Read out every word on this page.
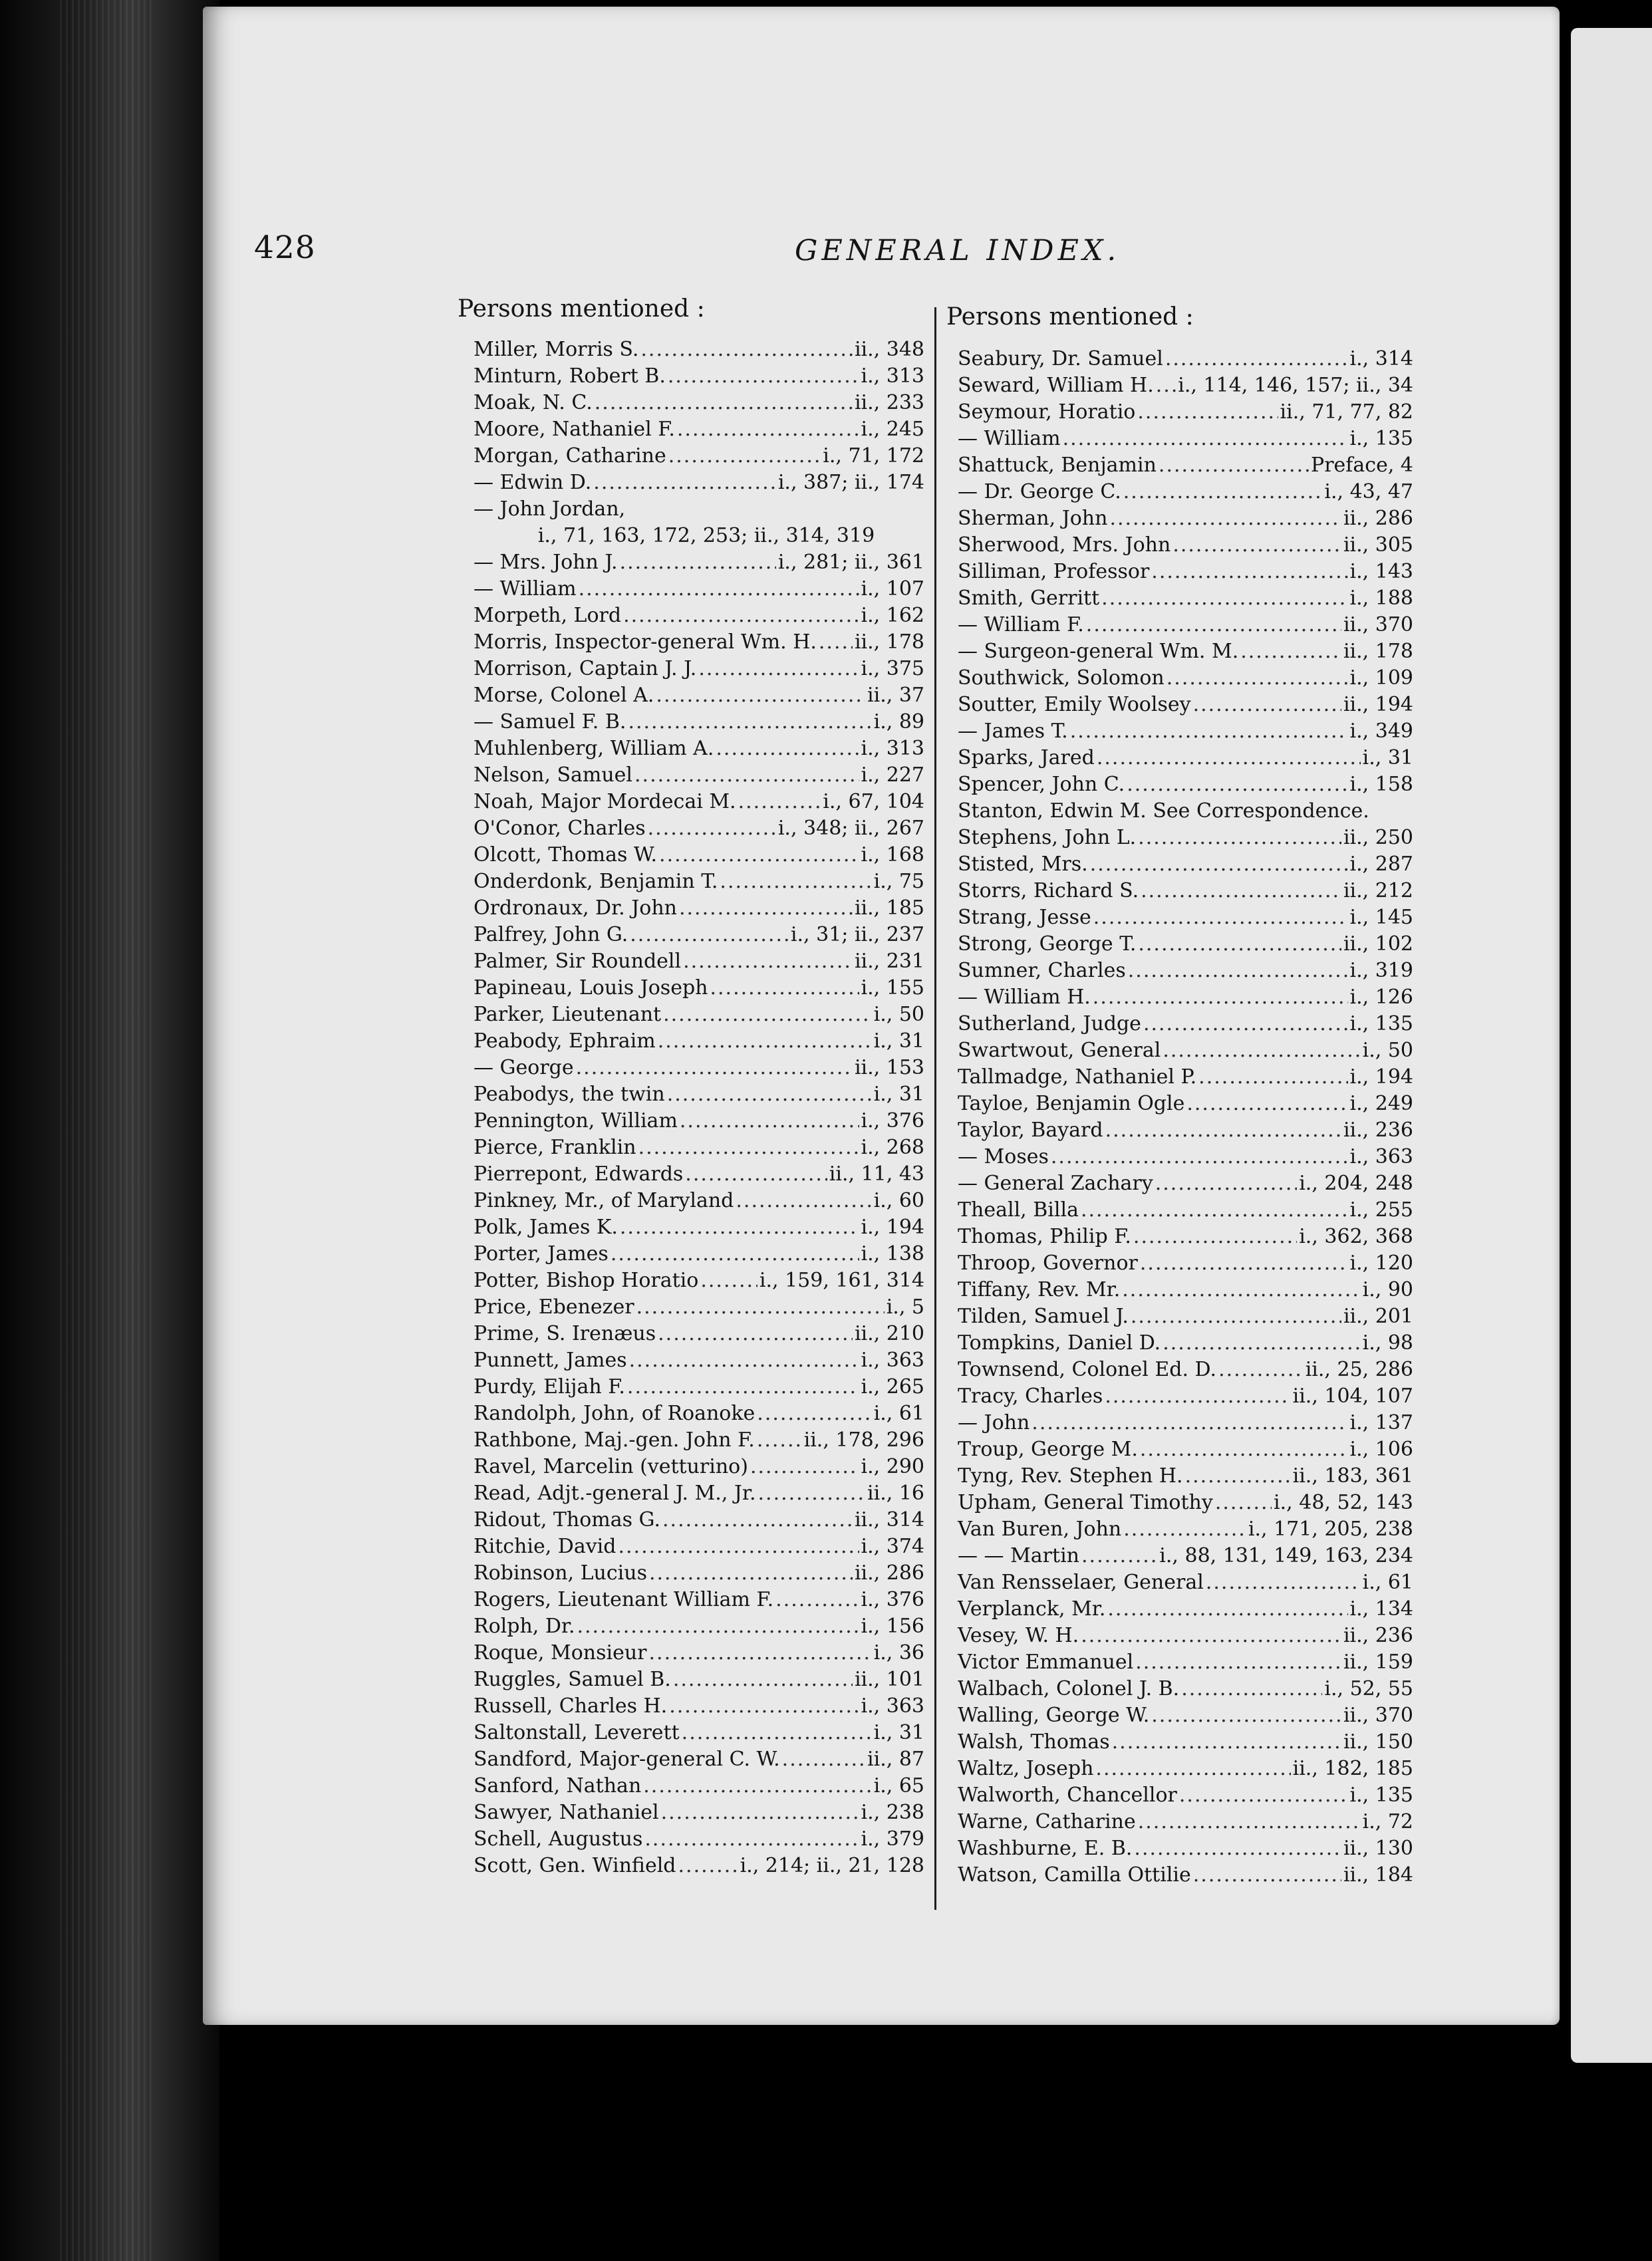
428	GENERAL INDEX.
Persons mentioned :	Persons mentioned :
Miller, Morris S. .....	ii., 348
Minturn, Robert B. .....	i., 313
Moak, N. C. .....	ii., 233
Moore, Nathaniel F. .....	i., 245
Morgan, Catharine .....	i., 71, 172
— Edwin D. .....	i., 387; ii., 174
— John Jordan,
i., 71, 163, 172, 253; ii., 314, 319
— Mrs. John J. .....	i., 281; ii., 361
— William .....	i., 107
Morpeth, Lord .....	i., 162
Morris, Inspector-general Wm. H. ..... ii., 178
Morrison, Captain J. J. .....	i., 375
Morse, Colonel A. .....	ii., 37
— Samuel F. B. .....	i., 89
Muhlenberg, William A. .....	i., 313
Nelson, Samuel .....	i., 227
Noah, Major Mordecai M. .....	i., 67, 104
O'Conor, Charles .....	i., 348; ii., 267
Olcott, Thomas W. .....	i., 168
Onderdonk, Benjamin T. .....	i., 75
Ordronaux, Dr. John .....	ii., 185
Palfrey, John G. .....	i., 31; ii., 237
Palmer, Sir Roundell .....	ii., 231
Papineau, Louis Joseph .....	i., 155
Parker, Lieutenant .....	i., 50
Peabody, Ephraim .....	i., 31
— George .....	ii., 153
Peabodys, the twin .....	i., 31
Pennington, William .....	i., 376
Pierce, Franklin .....	i., 268
Pierrepont, Edwards .....	ii., 11, 43
Pinkney, Mr., of Maryland .....	i., 60
Polk, James K. .....	i., 194
Porter, James .....	i., 138
Potter, Bishop Horatio .....	i., 159, 161, 314
Price, Ebenezer .....	i., 5
Prime, S. Irenæus .....	ii., 210
Punnett, James .....	i., 363
Purdy, Elijah F. .....	i., 265
Randolph, John, of Roanoke .....	i., 61
Rathbone, Maj.-gen. John F. ..... ii., 178, 296
Ravel, Marcelin (vetturino) .....	i., 290
Read, Adjt.-general J. M., Jr. .....	ii., 16
Ridout, Thomas G. .....	ii., 314
Ritchie, David .....	i., 374
Robinson, Lucius .....	ii., 286
Rogers, Lieutenant William F. .....	i., 376
Rolph, Dr. .....	i., 156
Roque, Monsieur .....	i., 36
Ruggles, Samuel B. .....	ii., 101
Russell, Charles H. .....	i., 363
Saltonstall, Leverett .....	i., 31
Sandford, Major-general C. W. .....	ii., 87
Sanford, Nathan .....	i., 65
Sawyer, Nathaniel .....	i., 238
Schell, Augustus .....	i., 379
Scott, Gen. Winfield .....	i., 214; ii., 21, 128
Seabury, Dr. Samuel .....	i., 314
Seward, William H. ..... i., 114, 146, 157; ii., 34
Seymour, Horatio .....	ii., 71, 77, 82
— William .....	i., 135
Shattuck, Benjamin .....	Preface, 4
— Dr. George C. .....	i., 43, 47
Sherman, John .....	ii., 286
Sherwood, Mrs. John .....	ii., 305
Silliman, Professor .....	i., 143
Smith, Gerritt .....	i., 188
— William F. .....	ii., 370
— Surgeon-general Wm. M. .....	ii., 178
Southwick, Solomon .....	i., 109
Soutter, Emily Woolsey .....	ii., 194
— James T. .....	i., 349
Sparks, Jared .....	i., 31
Spencer, John C. .....	i., 158
Stanton, Edwin M. See Correspondence.
Stephens, John L. .....	ii., 250
Stisted, Mrs. .....	i., 287
Storrs, Richard S. .....	ii., 212
Strang, Jesse .....	i., 145
Strong, George T. .....	ii., 102
Sumner, Charles .....	i., 319
— William H. .....	i., 126
Sutherland, Judge .....	i., 135
Swartwout, General .....	i., 50
Tallmadge, Nathaniel P. .....	i., 194
Tayloe, Benjamin Ogle .....	i., 249
Taylor, Bayard .....	ii., 236
— Moses .....	i., 363
— General Zachary .....	i., 204, 248
Theall, Billa .....	i., 255
Thomas, Philip F. .....	i., 362, 368
Throop, Governor .....	i., 120
Tiffany, Rev. Mr. .....	i., 90
Tilden, Samuel J. .....	ii., 201
Tompkins, Daniel D. .....	i., 98
Townsend, Colonel Ed. D. .....	ii., 25, 286
Tracy, Charles .....	ii., 104, 107
— John .....	i., 137
Troup, George M. .....	i., 106
Tyng, Rev. Stephen H. .....	ii., 183, 361
Upham, General Timothy .....	i., 48, 52, 143
Van Buren, John .....	i., 171, 205, 238
— — Martin .....	i., 88, 131, 149, 163, 234
Van Rensselaer, General .....	i., 61
Verplanck, Mr. .....	i., 134
Vesey, W. H. .....	ii., 236
Victor Emmanuel .....	ii., 159
Walbach, Colonel J. B. .....	i., 52, 55
Walling, George W. .....	ii., 370
Walsh, Thomas .....	ii., 150
Waltz, Joseph .....	ii., 182, 185
Walworth, Chancellor .....	i., 135
Warne, Catharine .....	i., 72
Washburne, E. B. .....	ii., 130
Watson, Camilla Ottilie .....	ii., 184
